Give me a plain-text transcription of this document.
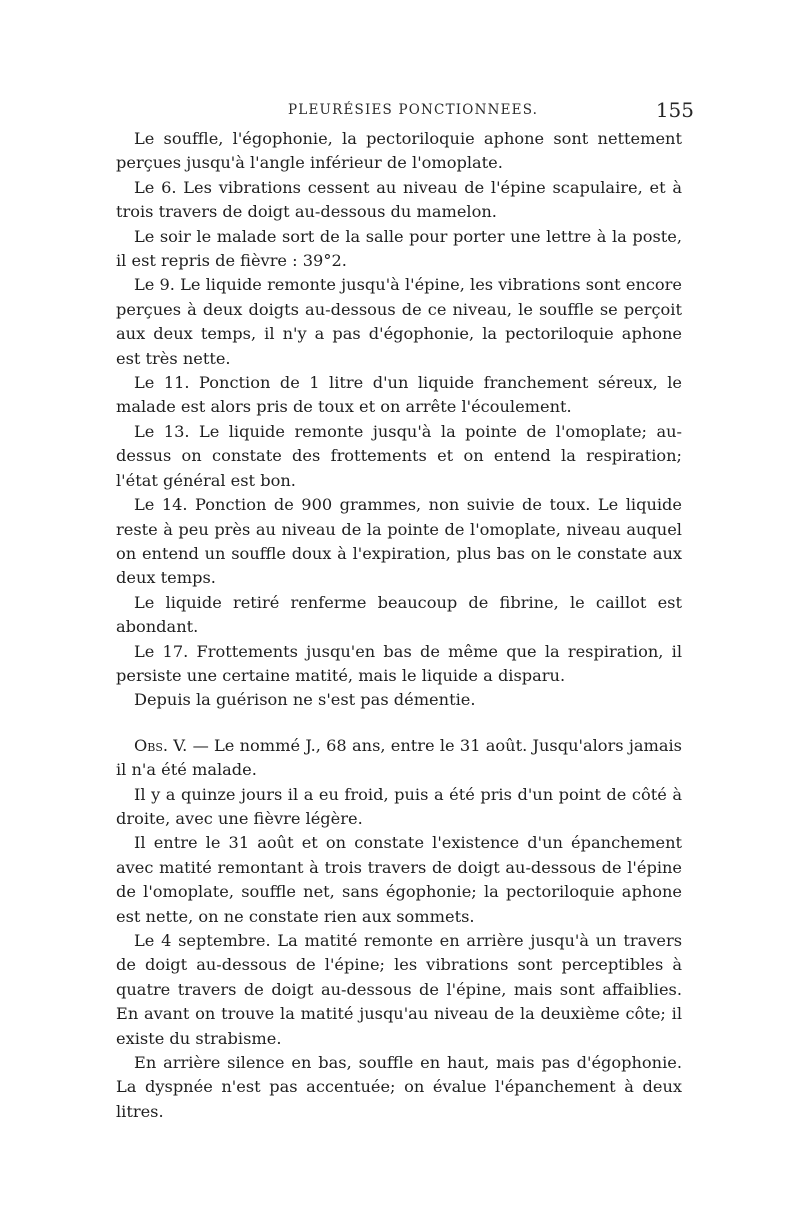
PLEURÉSIES PONCTIONNEES.	155

Le souffle, l'égophonie, la pectoriloquie aphone sont nettement perçues jusqu'à l'angle inférieur de l'omoplate.

Le 6. Les vibrations cessent au niveau de l'épine scapulaire, et à trois travers de doigt au-dessous du mamelon.

Le soir le malade sort de la salle pour porter une lettre à la poste, il est repris de fièvre : 39°2.

Le 9. Le liquide remonte jusqu'à l'épine, les vibrations sont encore perçues à deux doigts au-dessous de ce niveau, le souffle se perçoit aux deux temps, il n'y a pas d'égophonie, la pectoriloquie aphone est très nette.

Le 11. Ponction de 1 litre d'un liquide franchement séreux, le malade est alors pris de toux et on arrête l'écoulement.

Le 13. Le liquide remonte jusqu'à la pointe de l'omoplate; au-dessus on constate des frottements et on entend la respiration; l'état général est bon.

Le 14. Ponction de 900 grammes, non suivie de toux. Le liquide reste à peu près au niveau de la pointe de l'omoplate, niveau auquel on entend un souffle doux à l'expiration, plus bas on le constate aux deux temps.

Le liquide retiré renferme beaucoup de fibrine, le caillot est abondant.

Le 17. Frottements jusqu'en bas de même que la respiration, il persiste une certaine matité, mais le liquide a disparu.

Depuis la guérison ne s'est pas démentie.

Obs. V. — Le nommé J., 68 ans, entre le 31 août. Jusqu'alors jamais il n'a été malade.

Il y a quinze jours il a eu froid, puis a été pris d'un point de côté à droite, avec une fièvre légère.

Il entre le 31 août et on constate l'existence d'un épanchement avec matité remontant à trois travers de doigt au-dessous de l'épine de l'omoplate, souffle net, sans égophonie; la pectoriloquie aphone est nette, on ne constate rien aux sommets.

Le 4 septembre. La matité remonte en arrière jusqu'à un travers de doigt au-dessous de l'épine; les vibrations sont perceptibles à quatre travers de doigt au-dessous de l'épine, mais sont affaiblies. En avant on trouve la matité jusqu'au niveau de la deuxième côte; il existe du strabisme.

En arrière silence en bas, souffle en haut, mais pas d'égophonie. La dyspnée n'est pas accentuée; on évalue l'épanchement à deux litres.
